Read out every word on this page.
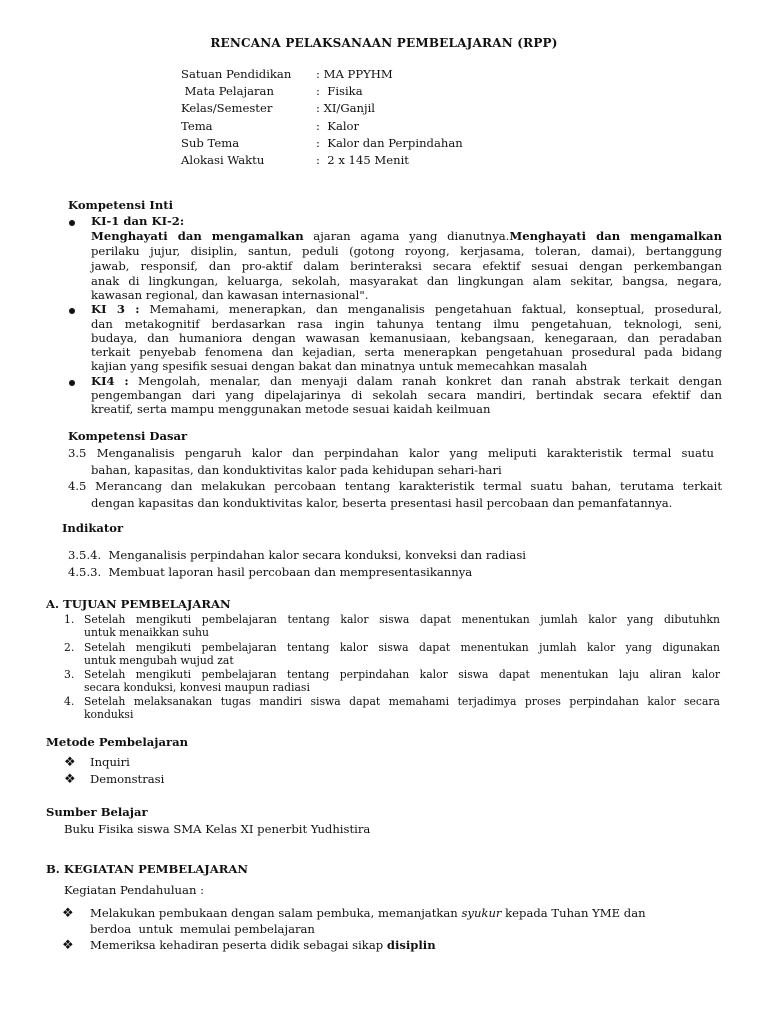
RENCANA PELAKSANAAN PEMBELAJARAN (RPP)
Satuan Pendidikan	: MA PPYHM
Mata Pelajaran	:  Fisika
Kelas/Semester	: XI/Ganjil
Tema	:  Kalor
Sub Tema	:  Kalor dan Perpindahan
Alokasi Waktu	:  2 x 145 Menit
Kompetensi Inti
KI-1 dan KI-2:
Menghayati dan mengamalkan ajaran agama yang dianutnya.Menghayati dan mengamalkan
perilaku jujur, disiplin, santun, peduli (gotong royong, kerjasama, toleran, damai), bertanggung
jawab, responsif, dan pro-aktif dalam berinteraksi secara efektif sesuai dengan perkembangan
anak di lingkungan, keluarga, sekolah, masyarakat dan lingkungan alam sekitar, bangsa, negara,
kawasan regional, dan kawasan internasional".
KI 3 : Memahami, menerapkan, dan menganalisis pengetahuan faktual, konseptual, prosedural,
dan metakognitif berdasarkan rasa ingin tahunya tentang ilmu pengetahuan, teknologi, seni,
budaya, dan humaniora dengan wawasan kemanusiaan, kebangsaan, kenegaraan, dan peradaban
terkait penyebab fenomena dan kejadian, serta menerapkan pengetahuan prosedural pada bidang
kajian yang spesifik sesuai dengan bakat dan minatnya untuk memecahkan masalah
KI4 : Mengolah, menalar, dan menyaji dalam ranah konkret dan ranah abstrak terkait dengan
pengembangan dari yang dipelajarinya di sekolah secara mandiri, bertindak secara efektif dan
kreatif, serta mampu menggunakan metode sesuai kaidah keilmuan
Kompetensi Dasar
3.5 Menganalisis pengaruh kalor dan perpindahan kalor yang meliputi karakteristik termal suatu
bahan, kapasitas, dan konduktivitas kalor pada kehidupan sehari-hari
4.5 Merancang dan melakukan percobaan tentang karakteristik termal suatu bahan, terutama terkait
dengan kapasitas dan konduktivitas kalor, beserta presentasi hasil percobaan dan pemanfatannya.
Indikator
3.5.4.  Menganalisis perpindahan kalor secara konduksi, konveksi dan radiasi
4.5.3.  Membuat laporan hasil percobaan dan mempresentasikannya
A. TUJUAN PEMBELAJARAN
1. Setelah mengikuti pembelajaran tentang kalor siswa dapat menentukan jumlah kalor yang dibutuhkn
untuk menaikkan suhu
2. Setelah mengikuti pembelajaran tentang kalor siswa dapat menentukan jumlah kalor yang digunakan
untuk mengubah wujud zat
3. Setelah mengikuti pembelajaran tentang perpindahan kalor siswa dapat menentukan laju aliran kalor
secara konduksi, konvesi maupun radiasi
4. Setelah melaksanakan tugas mandiri siswa dapat memahami terjadimya proses perpindahan kalor secara
konduksi
Metode Pembelajaran
❖ Inquiri
❖ Demonstrasi
Sumber Belajar
Buku Fisika siswa SMA Kelas XI penerbit Yudhistira
B. KEGIATAN PEMBELAJARAN
Kegiatan Pendahuluan :
❖ Melakukan pembukaan dengan salam pembuka, memanjatkan syukur kepada Tuhan YME dan
berdoa  untuk  memulai pembelajaran
❖ Memeriksa kehadiran peserta didik sebagai sikap disiplin
